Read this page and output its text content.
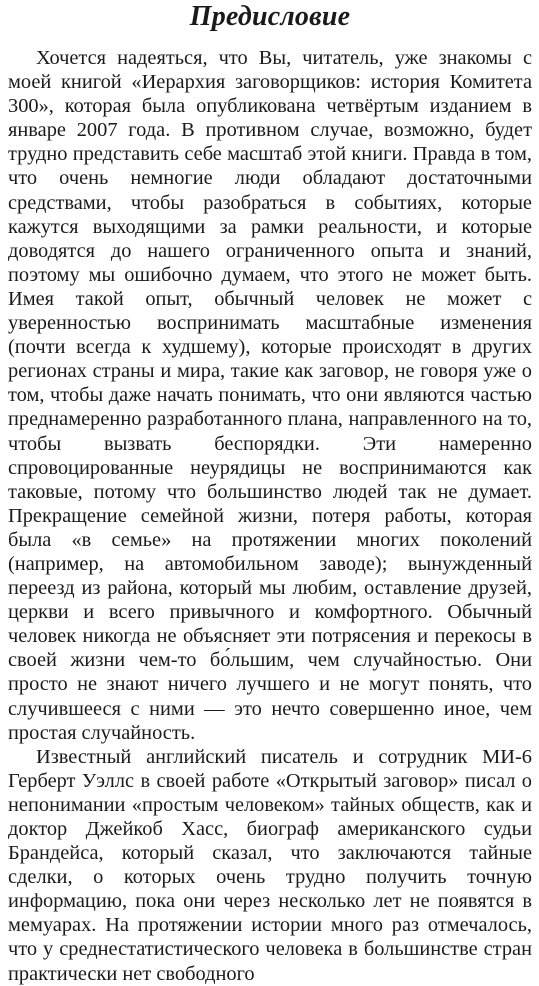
Предисловие

Хочется надеяться, что Вы, читатель, уже знакомы с моей книгой «Иерархия заговорщиков: история Комитета 300», которая была опубликована четвёртым изданием в январе 2007 года. В противном случае, возможно, будет трудно представить себе масштаб этой книги. Правда в том, что очень немногие люди обладают достаточными средствами, чтобы разобраться в событиях, которые кажутся выходящими за рамки реальности, и которые доводятся до нашего ограниченного опыта и знаний, поэтому мы ошибочно думаем, что этого не может быть. Имея такой опыт, обычный человек не может с уверенностью воспринимать масштабные изменения (почти всегда к худшему), которые происходят в других регионах страны и мира, такие как заговор, не говоря уже о том, чтобы даже начать понимать, что они являются частью преднамеренно разработанного плана, направленного на то, чтобы вызвать беспорядки. Эти намеренно спровоцированные неурядицы не воспринимаются как таковые, потому что большинство людей так не думает. Прекращение семейной жизни, потеря работы, которая была «в семье» на протяжении многих поколений (например, на автомобильном заводе); вынужденный переезд из района, который мы любим, оставление друзей, церкви и всего привычного и комфортного. Обычный человек никогда не объясняет эти потрясения и перекосы в своей жизни чем-то бо́льшим, чем случайностью. Они просто не знают ничего лучшего и не могут понять, что случившееся с ними — это нечто совершенно иное, чем простая случайность.

Известный английский писатель и сотрудник МИ-6 Герберт Уэллс в своей работе «Открытый заговор» писал о непонимании «простым человеком» тайных обществ, как и доктор Джейкоб Хасс, биограф американского судьи Брандейса, который сказал, что заключаются тайные сделки, о которых очень трудно получить точную информацию, пока они через несколько лет не появятся в мемуарах. На протяжении истории много раз отмечалось, что у среднестатистического человека в большинстве стран практически нет свободного
